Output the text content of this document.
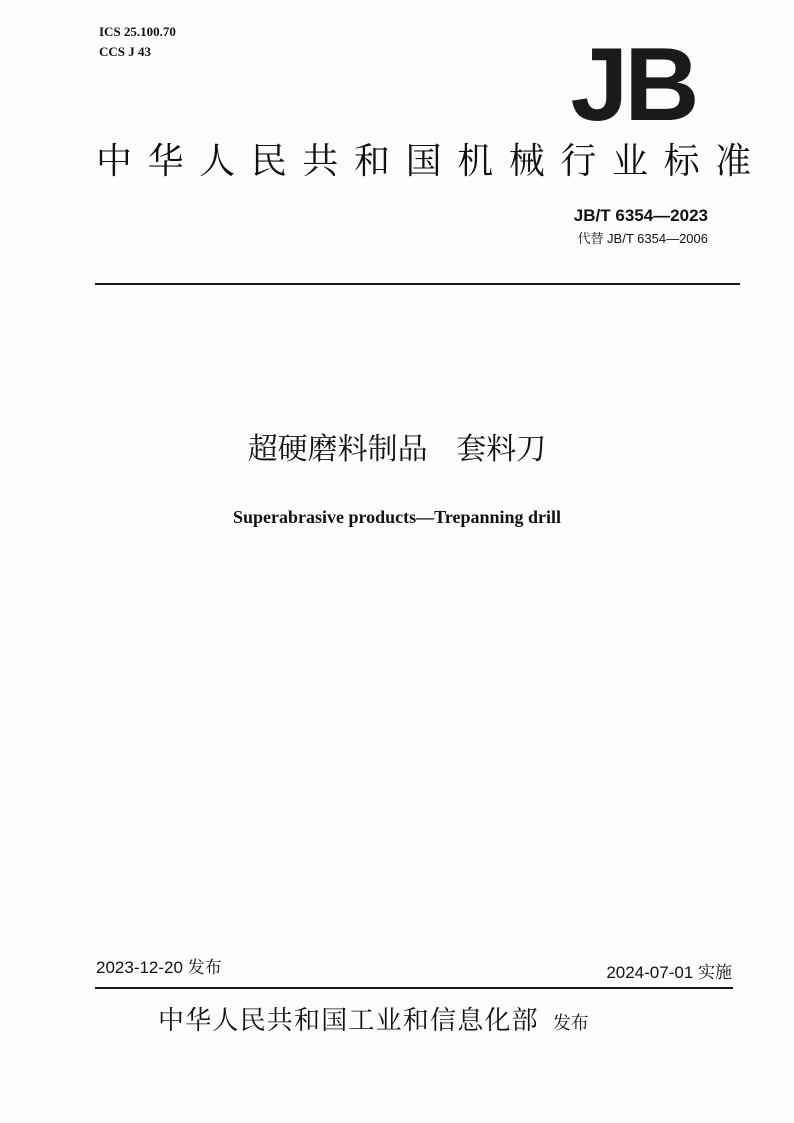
ICS 25.100.70
CCS J 43	JB
中华人民共和国机械行业标准
JB/T 6354—2023
代替 JB/T 6354—2006
超硬磨料制品   套料刀
Superabrasive products—Trepanning drill
2023-12-20 发布	2024-07-01 实施
中华人民共和国工业和信息化部 发布
